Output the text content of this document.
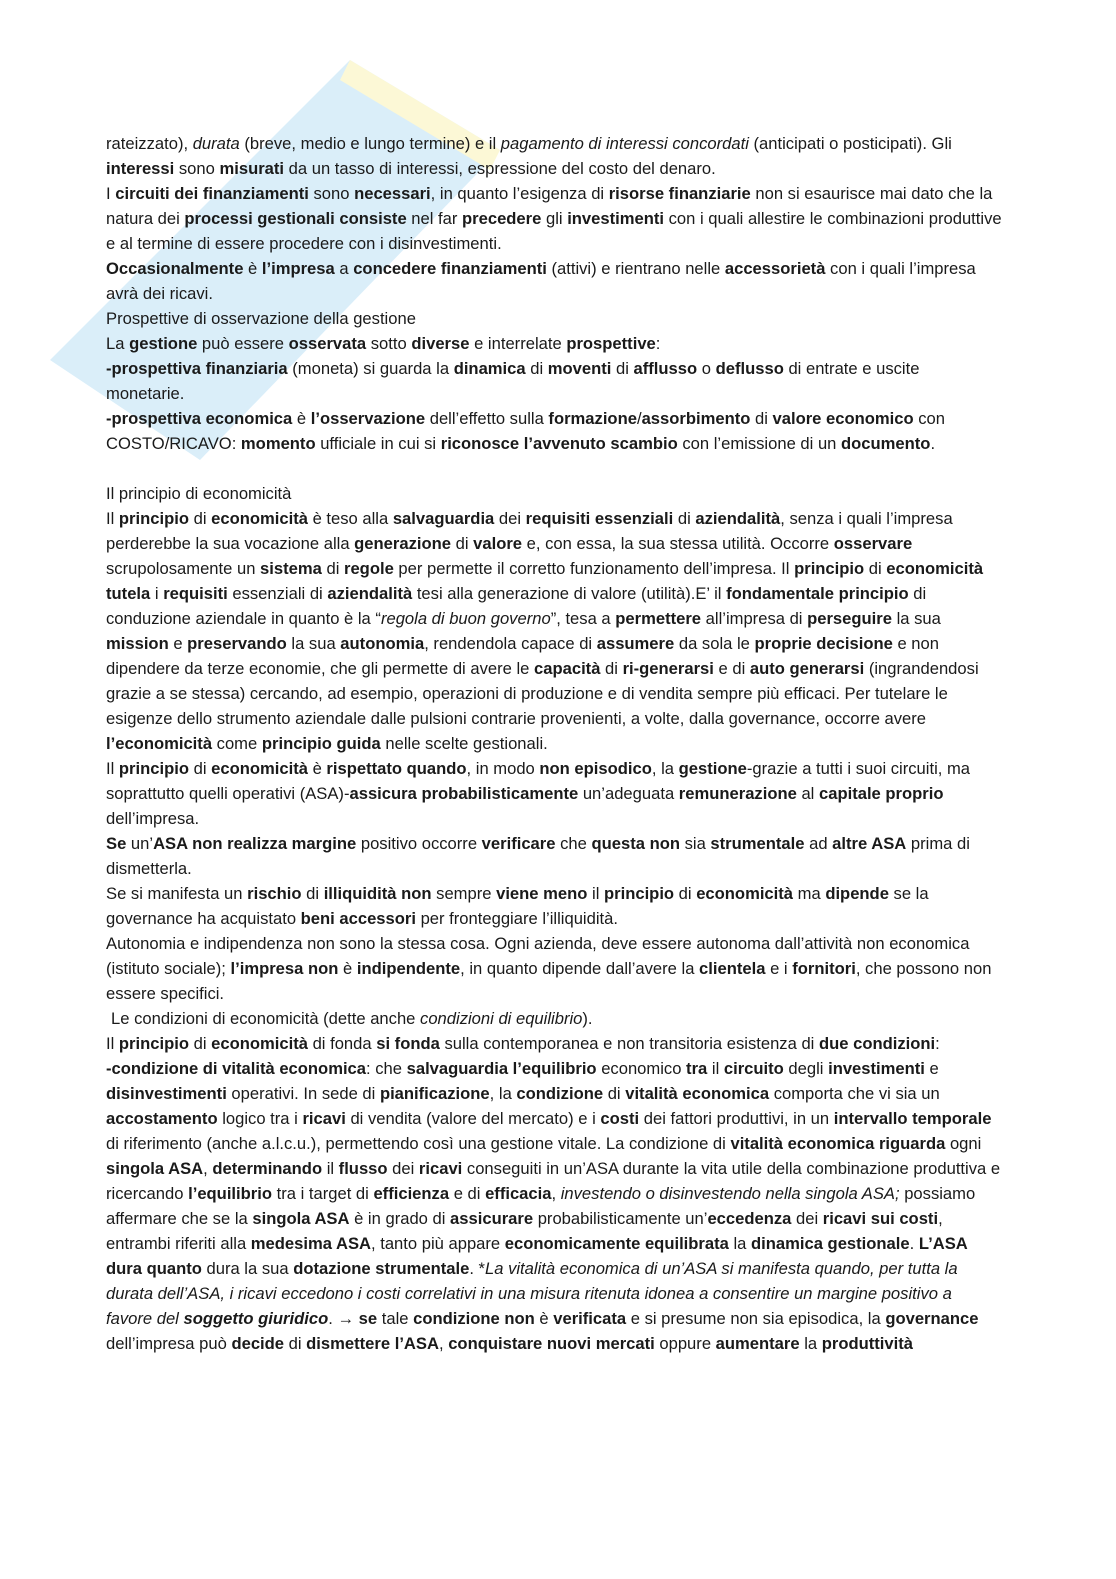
rateizzato), durata (breve, medio e lungo termine) e il pagamento di interessi concordati (anticipati o posticipati). Gli interessi sono misurati da un tasso di interessi, espressione del costo del denaro.

I circuiti dei finanziamenti sono necessari, in quanto l’esigenza di risorse finanziarie non si esaurisce mai dato che la natura dei processi gestionali consiste nel far precedere gli investimenti con i quali allestire le combinazioni produttive e al termine di essere procedere con i disinvestimenti.

Occasionalmente è l’impresa a concedere finanziamenti (attivi) e rientrano nelle accessorietà con i quali l’impresa avrà dei ricavi.

Prospettive di osservazione della gestione

La gestione può essere osservata sotto diverse e interrelate prospettive:

-prospettiva finanziaria (moneta) si guarda la dinamica di moventi di afflusso o deflusso di entrate e uscite monetarie.

-prospettiva economica è l’osservazione dell’effetto sulla formazione/assorbimento di valore economico con COSTO/RICAVO: momento ufficiale in cui si riconosce l’avvenuto scambio con l’emissione di un documento.

Il principio di economicità

Il principio di economicità è teso alla salvaguardia dei requisiti essenziali di aziendalità, senza i quali l’impresa perderebbe la sua vocazione alla generazione di valore e, con essa, la sua stessa utilità. Occorre osservare scrupolosamente un sistema di regole per permette il corretto funzionamento dell’impresa. Il principio di economicità tutela i requisiti essenziali di aziendalità tesi alla generazione di valore (utilità).E’ il fondamentale principio di conduzione aziendale in quanto è la “regola di buon governo”, tesa a permettere all’impresa di perseguire la sua mission e preservando la sua autonomia, rendendola capace di assumere da sola le proprie decisione e non dipendere da terze economie, che gli permette di avere le capacità di ri-generarsi e di auto generarsi (ingrandendosi grazie a se stessa) cercando, ad esempio, operazioni di produzione e di vendita sempre più efficaci. Per tutelare le esigenze dello strumento aziendale dalle pulsioni contrarie provenienti, a volte, dalla governance, occorre avere l’economicità come principio guida nelle scelte gestionali.

Il principio di economicità è rispettato quando, in modo non episodico, la gestione-grazie a tutti i suoi circuiti, ma soprattutto quelli operativi (ASA)-assicura probabilisticamente un’adeguata remunerazione al capitale proprio dell’impresa.

Se un’ASA non realizza margine positivo occorre verificare che questa non sia strumentale ad altre ASA prima di dismetterla.

Se si manifesta un rischio di illiquidità non sempre viene meno il principio di economicità ma dipende se la governance ha acquistato beni accessori per fronteggiare l’illiquidità.

Autonomia e indipendenza non sono la stessa cosa. Ogni azienda, deve essere autonoma dall’attività non economica (istituto sociale); l’impresa non è indipendente, in quanto dipende dall’avere la clientela e i fornitori, che possono non essere specifici.

Le condizioni di economicità (dette anche condizioni di equilibrio).

Il principio di economicità di fonda si fonda sulla contemporanea e non transitoria esistenza di due condizioni:

-condizione di vitalità economica: che salvaguardia l’equilibrio economico tra il circuito degli investimenti e disinvestimenti operativi. In sede di pianificazione, la condizione di vitalità economica comporta che vi sia un accostamento logico tra i ricavi di vendita (valore del mercato) e i costi dei fattori produttivi, in un intervallo temporale di riferimento (anche a.l.c.u.), permettendo così una gestione vitale. La condizione di vitalità economica riguarda ogni singola ASA, determinando il flusso dei ricavi conseguiti in un’ASA durante la vita utile della combinazione produttiva e ricercando l’equilibrio tra i target di efficienza e di efficacia, investendo o disinvestendo nella singola ASA; possiamo affermare che se la singola ASA è in grado di assicurare probabilisticamente un’eccedenza dei ricavi sui costi, entrambi riferiti alla medesima ASA, tanto più appare economicamente equilibrata la dinamica gestionale. L’ASA dura quanto dura la sua dotazione strumentale. *La vitalità economica di un’ASA si manifesta quando, per tutta la durata dell’ASA, i ricavi eccedono i costi correlativi in una misura ritenuta idonea a consentire un margine positivo a favore del soggetto giuridico. → se tale condizione non è verificata e si presume non sia episodica, la governance dell’impresa può decide di dismettere l’ASA, conquistare nuovi mercati oppure aumentare la produttività
